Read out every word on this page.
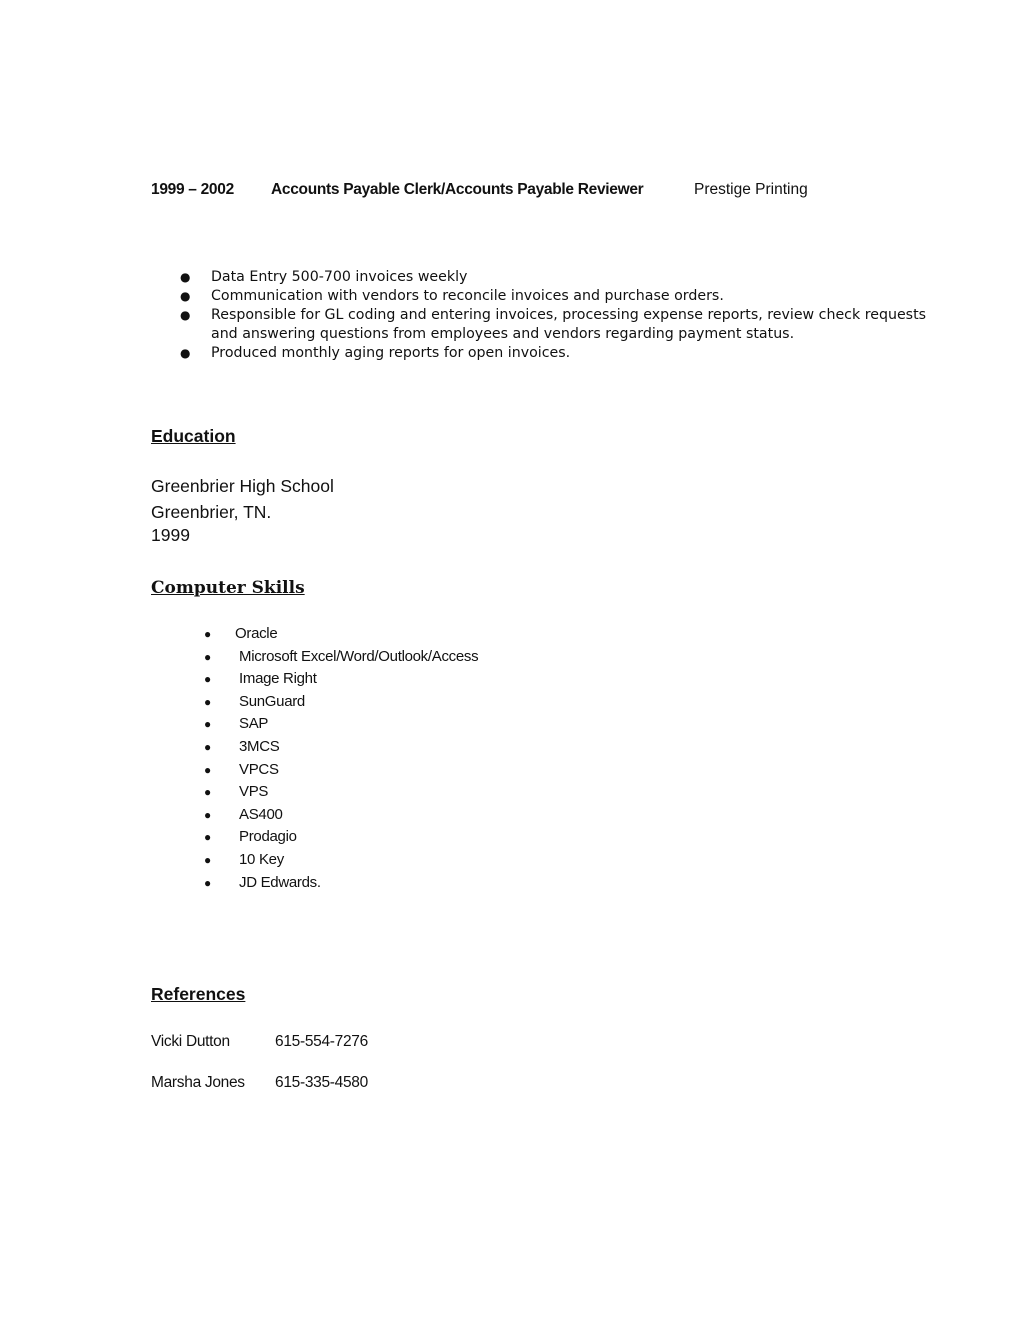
1999 – 2002 Accounts Payable Clerk/Accounts Payable Reviewer	Prestige Printing
● Data Entry 500-700 invoices weekly
● Communication with vendors to reconcile invoices and purchase orders.
● Responsible for GL coding and entering invoices, processing expense reports, review check requests and answering questions from employees and vendors regarding payment status.
● Produced monthly aging reports for open invoices.
Education
Greenbrier High School
Greenbrier, TN.
1999
Computer Skills
● Oracle
● Microsoft Excel/Word/Outlook/Access
● Image Right
● SunGuard
● SAP
● 3MCS
● VPCS
● VPS
● AS400
● Prodagio
● 10 Key
● JD Edwards.
References
Vicki Dutton	615-554-7276
Marsha Jones 615-335-4580
